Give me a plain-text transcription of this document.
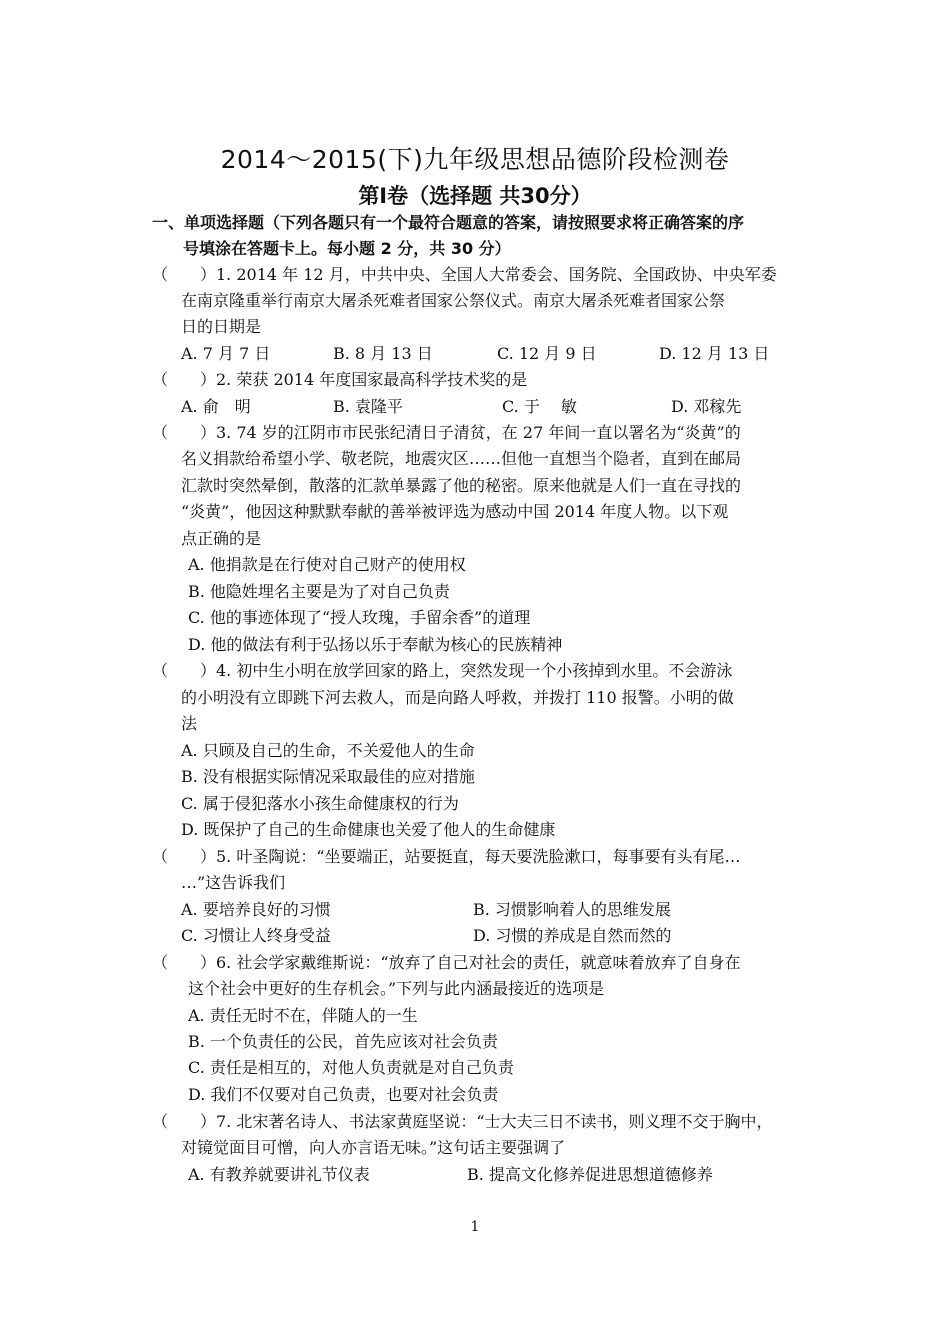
2014～2015(下)九年级思想品德阶段检测卷
第Ⅰ卷（选择题 共30分）
一、单项选择题（下列各题只有一个最符合题意的答案，请按照要求将正确答案的序
号填涂在答题卡上。每小题 2 分，共 30 分）
（　　）1. 2014 年 12 月，中共中央、全国人大常委会、国务院、全国政协、中央军委
在南京隆重举行南京大屠杀死难者国家公祭仪式。南京大屠杀死难者国家公祭
日的日期是
A. 7 月 7 日	B. 8 月 13 日	C. 12 月 9 日	D. 12 月 13 日
（　　）2. 荣获 2014 年度国家最高科学技术奖的是
A. 俞　明	B. 袁隆平	C. 于　 敏	D. 邓稼先
（　　）3. 74 岁的江阴市市民张纪清日子清贫，在 27 年间一直以署名为“炎黄”的
名义捐款给希望小学、敬老院，地震灾区……但他一直想当个隐者，直到在邮局
汇款时突然晕倒，散落的汇款单暴露了他的秘密。原来他就是人们一直在寻找的
“炎黄”，他因这种默默奉献的善举被评选为感动中国 2014 年度人物。以下观
点正确的是
A. 他捐款是在行使对自己财产的使用权
B. 他隐姓埋名主要是为了对自己负责
C. 他的事迹体现了“授人玫瑰，手留余香”的道理
D. 他的做法有利于弘扬以乐于奉献为核心的民族精神
（　　）4. 初中生小明在放学回家的路上，突然发现一个小孩掉到水里。不会游泳
的小明没有立即跳下河去救人，而是向路人呼救，并拨打 110 报警。小明的做
法
A. 只顾及自己的生命，不关爱他人的生命
B. 没有根据实际情况采取最佳的应对措施
C. 属于侵犯落水小孩生命健康权的行为
D. 既保护了自己的生命健康也关爱了他人的生命健康
（　　）5. 叶圣陶说：“坐要端正，站要挺直，每天要洗脸漱口，每事要有头有尾…
…”这告诉我们
A. 要培养良好的习惯	B. 习惯影响着人的思维发展
C. 习惯让人终身受益	D. 习惯的养成是自然而然的
（　　）6. 社会学家戴维斯说：“放弃了自己对社会的责任，就意味着放弃了自身在
这个社会中更好的生存机会。”下列与此内涵最接近的选项是
A. 责任无时不在，伴随人的一生
B. 一个负责任的公民，首先应该对社会负责
C. 责任是相互的，对他人负责就是对自己负责
D. 我们不仅要对自己负责，也要对社会负责
（　　）7. 北宋著名诗人、书法家黄庭坚说：“士大夫三日不读书，则义理不交于胸中，
对镜觉面目可憎，向人亦言语无味。”这句话主要强调了
A. 有教养就要讲礼节仪表	B. 提高文化修养促进思想道德修养
1
